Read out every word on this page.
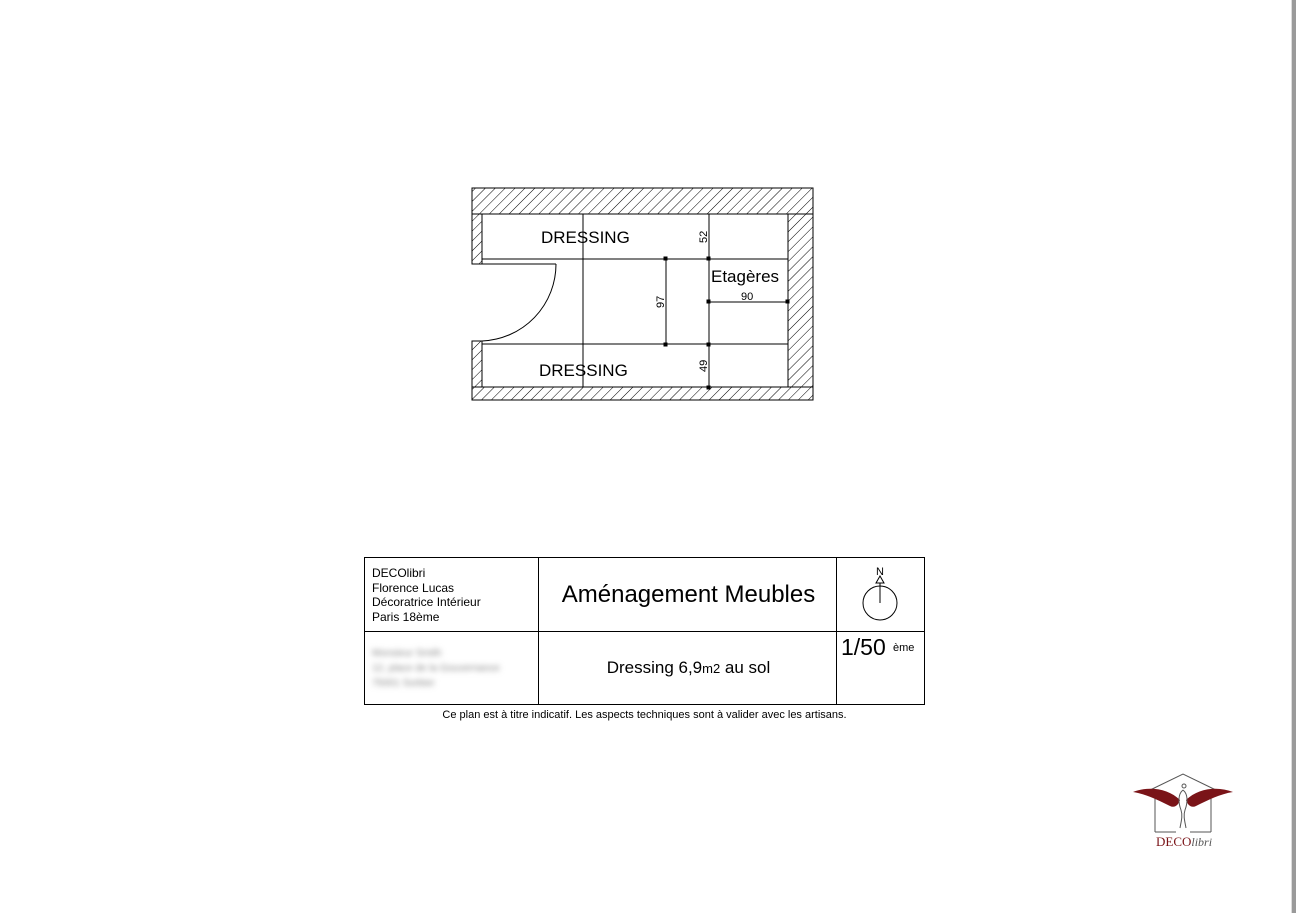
DRESSING
DRESSING
Etagères
52
97	90
49
DECOlibri
Florence Lucas
Décoratrice Intérieur
Paris 18ème
Monsieur Smith
12, place de la Gouvernance
75001 Sorbier
Aménagement Meubles
Dressing 6,9 m2 au sol
N
1/50 ème
Ce plan est à titre indicatif. Les aspects techniques sont à valider avec les artisans.
DECOlibri
